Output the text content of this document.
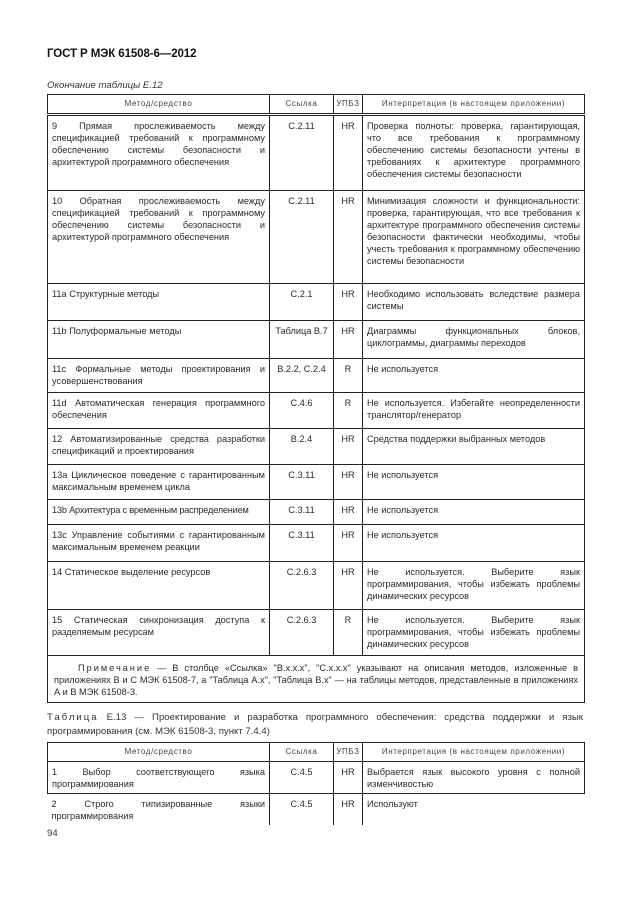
ГОСТ Р МЭК 61508-6—2012
Окончание таблицы Е.12
Метод/средство	Ссылка	УПБЗ	Интерпретация (в настоящем приложении)
9 Прямая прослеживаемость между спецификацией требований к программному обеспечению системы безопасности и архитектурой программного обеспечения	С.2.11	HR	Проверка полноты: проверка, гарантирующая, что все требования к программному обеспечению системы безопасности учтены в требованиях к архитектуре программного обеспечения системы безопасности
10 Обратная прослеживаемость между спецификацией требований к программному обеспечению системы безопасности и архитектурой программного обеспечения	С.2.11	HR	Минимизация сложности и функциональности: проверка, гарантирующая, что все требования к архитектуре программного обеспечения системы безопасности фактически необходимы, чтобы учесть требования к программному обеспечению системы безопасности
11a Структурные методы	С.2.1	HR	Необходимо использовать вследствие размера системы
11b Полуформальные методы	Таблица В.7	HR	Диаграммы функциональных блоков, циклограммы, диаграммы переходов
11c Формальные методы проектирования и усовершенствования	В.2.2, С.2.4	R	Не используется
11d Автоматическая генерация программного обеспечения	С.4.6	R	Не используется. Избегайте неопределенности транслятор/генератор
12 Автоматизированные средства разработки спецификаций и проектирования	В.2.4	HR	Средства поддержки выбранных методов
13a Циклическое поведение с гарантированным максимальным временем цикла	С.3.11	HR	Не используется
13b Архитектура с временным распределением	С.3.11	HR	Не используется
13c Управление событиями с гарантированным максимальным временем реакции	С.3.11	HR	Не используется
14 Статическое выделение ресурсов	С.2.6.3	HR	Не используется. Выберите язык программирования, чтобы избежать проблемы динамических ресурсов
15 Статическая синхронизация доступа к разделяемым ресурсам	С.2.6.3	R	Не используется. Выберите язык программирования, чтобы избежать проблемы динамических ресурсов
Примечание — В столбце «Ссылка» "В.х.х.х", "С.х.х.х" указывают на описания методов, изложенные в приложениях В и С МЭК 61508-7, а "Таблица А.х", "Таблица В.х" — на таблицы методов, представленные в приложениях А и В МЭК 61508-3.			
Таблица Е.13 — Проектирование и разработка программного обеспечения: средства поддержки и язык программирования (см. МЭК 61508-3, пункт 7.4.4)
Метод/средство	Ссылка	УПБЗ	Интерпретация (в настоящем приложении)
1 Выбор соответствующего языка программирования	С.4.5	HR	Выбрается язык высокого уровня с полной изменчивостью
2 Строго типизированные языки программирования	С.4.5	HR	Используют
94
